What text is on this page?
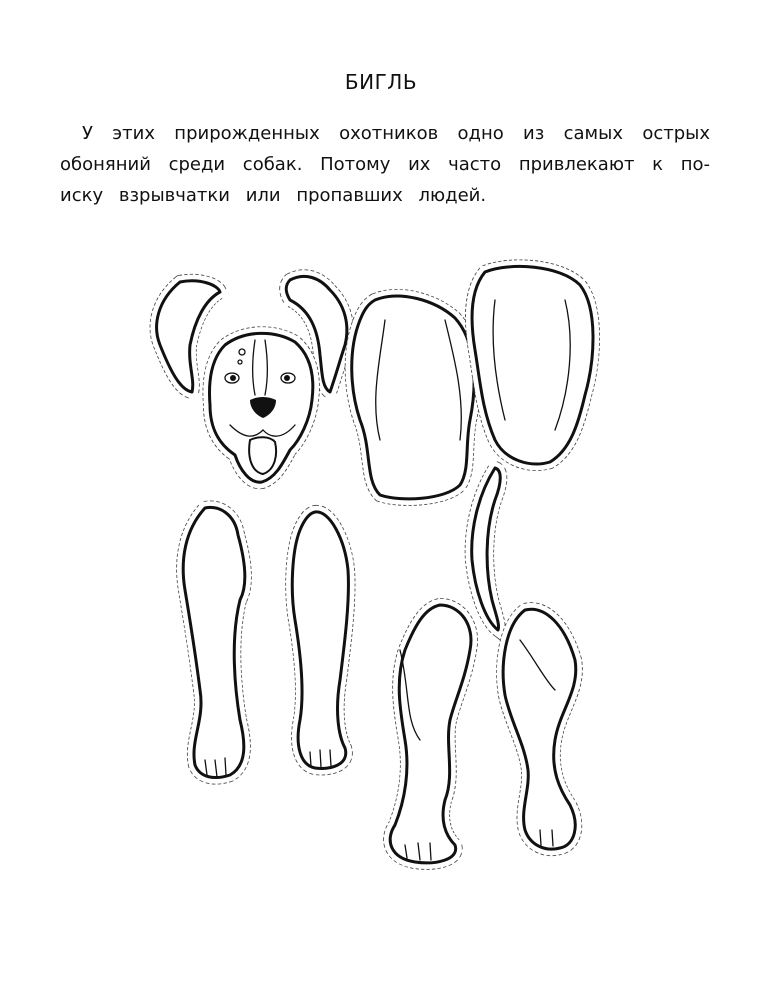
БИГЛЬ
У этих прирожденных охотников одно из самых острых
обоняний среди собак. Потому их часто привлекают к по-
иску взрывчатки или пропавших людей.
